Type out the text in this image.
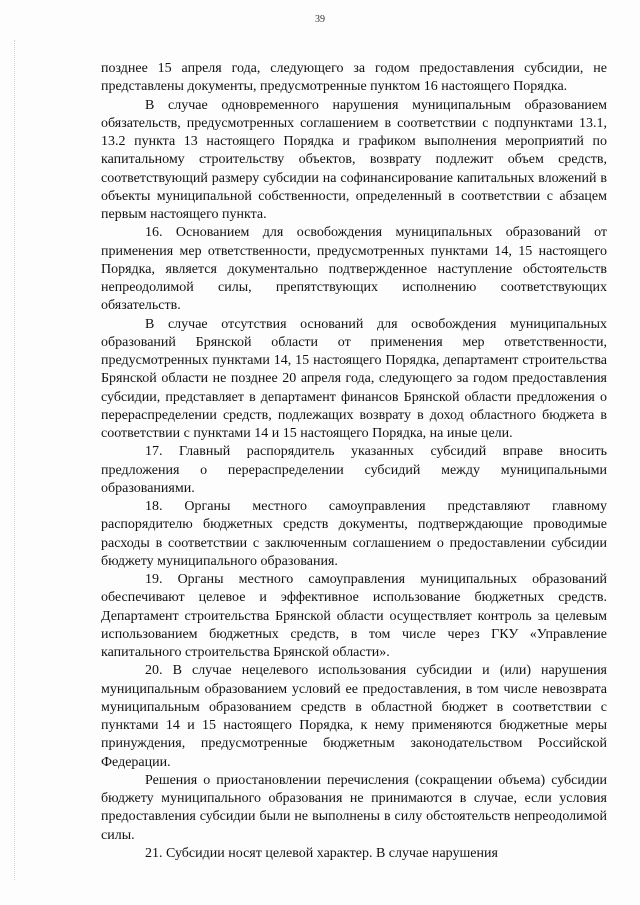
39

позднее 15 апреля года, следующего за годом предоставления субсидии, не представлены документы, предусмотренные пунктом 16 настоящего Порядка.

В случае одновременного нарушения муниципальным образованием обязательств, предусмотренных соглашением в соответствии с подпунктами 13.1, 13.2 пункта 13 настоящего Порядка и графиком выполнения мероприятий по капитальному строительству объектов, возврату подлежит объем средств, соответствующий размеру субсидии на софинансирование капитальных вложений в объекты муниципальной собственности, определенный в соответствии с абзацем первым настоящего пункта.

16. Основанием для освобождения муниципальных образований от применения мер ответственности, предусмотренных пунктами 14, 15 настоящего Порядка, является документально подтвержденное наступление обстоятельств непреодолимой силы, препятствующих исполнению соответствующих обязательств.

В случае отсутствия оснований для освобождения муниципальных образований Брянской области от применения мер ответственности, предусмотренных пунктами 14, 15 настоящего Порядка, департамент строительства Брянской области не позднее 20 апреля года, следующего за годом предоставления субсидии, представляет в департамент финансов Брянской области предложения о перераспределении средств, подлежащих возврату в доход областного бюджета в соответствии с пунктами 14 и 15 настоящего Порядка, на иные цели.

17. Главный распорядитель указанных субсидий вправе вносить предложения о перераспределении субсидий между муниципальными образованиями.

18. Органы местного самоуправления представляют главному распорядителю бюджетных средств документы, подтверждающие проводимые расходы в соответствии с заключенным соглашением о предоставлении субсидии бюджету муниципального образования.

19. Органы местного самоуправления муниципальных образований обеспечивают целевое и эффективное использование бюджетных средств. Департамент строительства Брянской области осуществляет контроль за целевым использованием бюджетных средств, в том числе через ГКУ «Управление капитального строительства Брянской области».

20. В случае нецелевого использования субсидии и (или) нарушения муниципальным образованием условий ее предоставления, в том числе невозврата муниципальным образованием средств в областной бюджет в соответствии с пунктами 14 и 15 настоящего Порядка, к нему применяются бюджетные меры принуждения, предусмотренные бюджетным законодательством Российской Федерации.

Решения о приостановлении перечисления (сокращении объема) субсидии бюджету муниципального образования не принимаются в случае, если условия предоставления субсидии были не выполнены в силу обстоятельств непреодолимой силы.

21. Субсидии носят целевой характер. В случае нарушения
